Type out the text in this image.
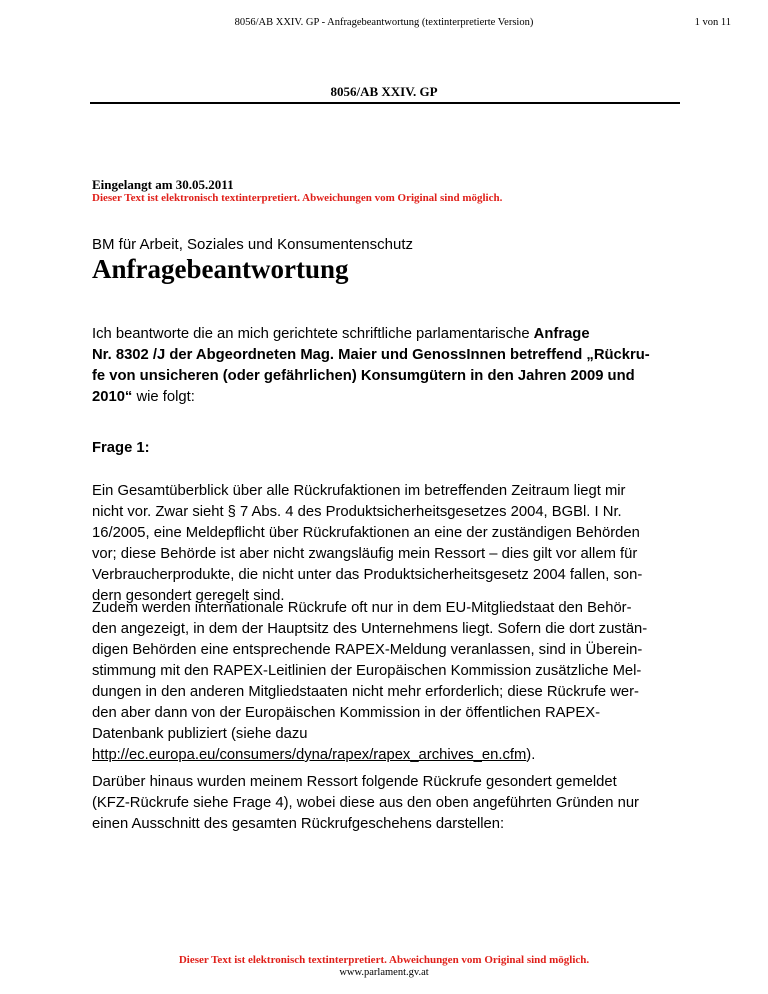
8056/AB XXIV. GP - Anfragebeantwortung (textinterpretierte Version)	1 von 11
8056/AB XXIV. GP
Eingelangt am 30.05.2011
Dieser Text ist elektronisch textinterpretiert. Abweichungen vom Original sind möglich.
BM für Arbeit, Soziales und Konsumentenschutz
Anfragebeantwortung

Ich beantworte die an mich gerichtete schriftliche parlamentarische Anfrage

Nr. 8302 /J der Abgeordneten Mag. Maier und GenossInnen betreffend „Rückru-

fe von unsicheren (oder gefährlichen) Konsumgütern in den Jahren 2009 und

2010“ wie folgt:

Frage 1:

Ein Gesamtüberblick über alle Rückrufaktionen im betreffenden Zeitraum liegt mir

nicht vor. Zwar sieht § 7 Abs. 4 des Produktsicherheitsgesetzes 2004, BGBl. I Nr.

16/2005, eine Meldepflicht über Rückrufaktionen an eine der zuständigen Behörden

vor; diese Behörde ist aber nicht zwangsläufig mein Ressort – dies gilt vor allem für

Verbraucherprodukte, die nicht unter das Produktsicherheitsgesetz 2004 fallen, son-

dern gesondert geregelt sind.

Zudem werden internationale Rückrufe oft nur in dem EU-Mitgliedstaat den Behör-

den angezeigt, in dem der Hauptsitz des Unternehmens liegt. Sofern die dort zustän-

digen Behörden eine entsprechende RAPEX-Meldung veranlassen, sind in Überein-

stimmung mit den RAPEX-Leitlinien der Europäischen Kommission zusätzliche Mel-

dungen in den anderen Mitgliedstaaten nicht mehr erforderlich; diese Rückrufe wer-

den aber dann von der Europäischen Kommission in der öffentlichen RAPEX-

Datenbank publiziert (siehe dazu

http://ec.europa.eu/consumers/dyna/rapex/rapex_archives_en.cfm).

Darüber hinaus wurden meinem Ressort folgende Rückrufe gesondert gemeldet

(KFZ-Rückrufe siehe Frage 4), wobei diese aus den oben angeführten Gründen nur

einen Ausschnitt des gesamten Rückrufgeschehens darstellen:

Dieser Text ist elektronisch textinterpretiert. Abweichungen vom Original sind möglich.
www.parlament.gv.at
